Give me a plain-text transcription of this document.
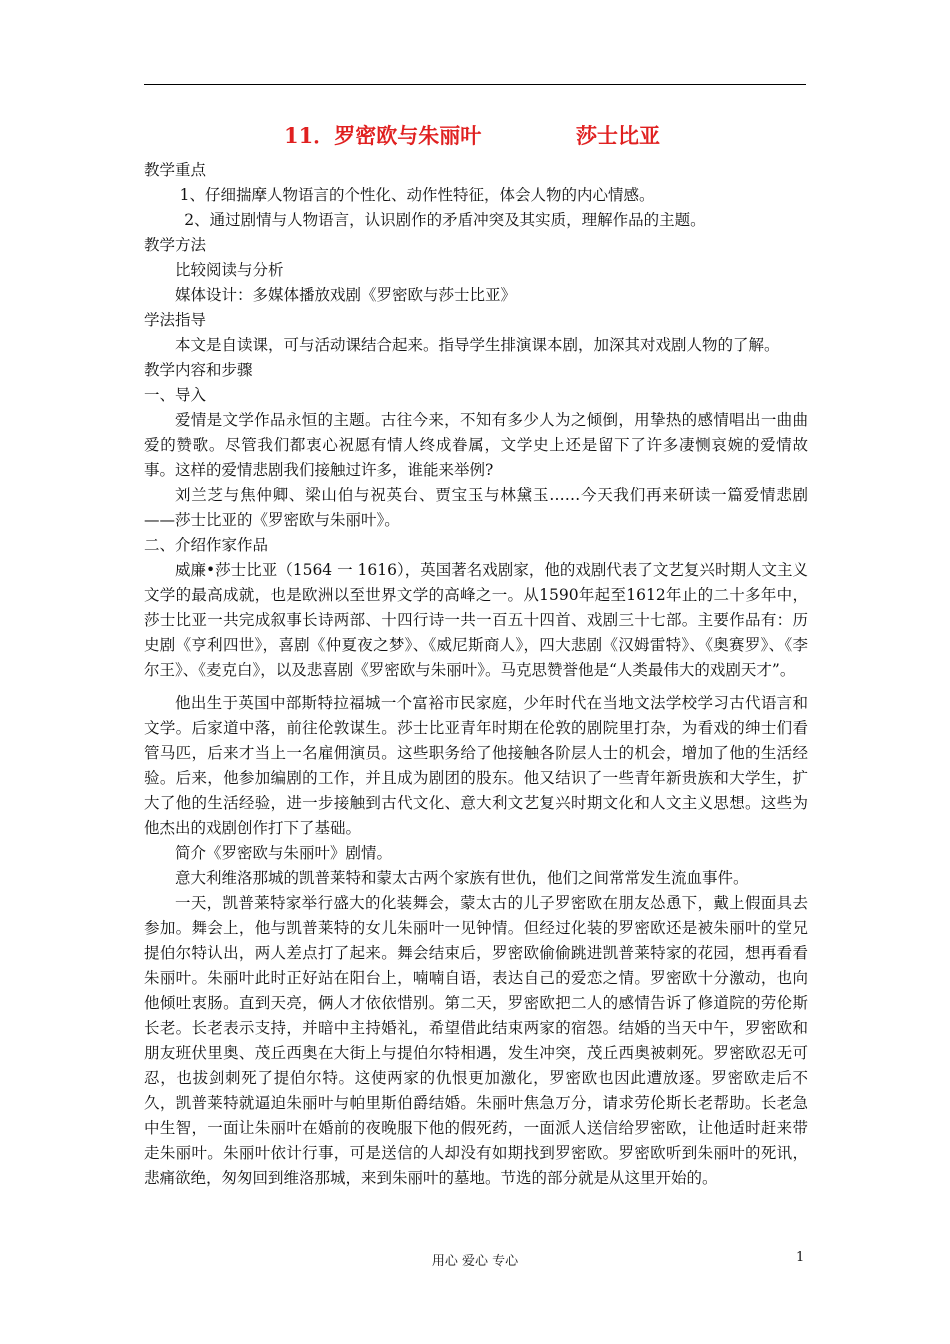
11．罗密欧与朱丽叶	莎士比亚

教学重点

1、仔细揣摩人物语言的个性化、动作性特征，体会人物的内心情感。

2、通过剧情与人物语言，认识剧作的矛盾冲突及其实质，理解作品的主题。

教学方法

比较阅读与分析

媒体设计：多媒体播放戏剧《罗密欧与莎士比亚》

学法指导

本文是自读课，可与活动课结合起来。指导学生排演课本剧，加深其对戏剧人物的了解。

教学内容和步骤

一、导入

爱情是文学作品永恒的主题。古往今来，不知有多少人为之倾倒，用挚热的感情唱出一曲曲爱的赞歌。尽管我们都衷心祝愿有情人终成眷属，文学史上还是留下了许多凄恻哀婉的爱情故事。这样的爱情悲剧我们接触过许多，谁能来举例?

刘兰芝与焦仲卿、梁山伯与祝英台、贾宝玉与林黛玉……今天我们再来研读一篇爱情悲剧——莎士比亚的《罗密欧与朱丽叶》。

二、介绍作家作品

威廉•莎士比亚（1564 一 1616），英国著名戏剧家，他的戏剧代表了文艺复兴时期人文主义文学的最高成就，也是欧洲以至世界文学的高峰之一。从1590年起至1612年止的二十多年中，莎士比亚一共完成叙事长诗两部、十四行诗一共一百五十四首、戏剧三十七部。主要作品有：历史剧《亨利四世》，喜剧《仲夏夜之梦》、《威尼斯商人》，四大悲剧《汉姆雷特》、《奥赛罗》、《李尔王》、《麦克白》，以及悲喜剧《罗密欧与朱丽叶》。马克思赞誉他是“人类最伟大的戏剧天才”。

他出生于英国中部斯特拉福城一个富裕市民家庭，少年时代在当地文法学校学习古代语言和文学。后家道中落，前往伦敦谋生。莎士比亚青年时期在伦敦的剧院里打杂，为看戏的绅士们看管马匹，后来才当上一名雇佣演员。这些职务给了他接触各阶层人士的机会，增加了他的生活经验。后来，他参加编剧的工作，并且成为剧团的股东。他又结识了一些青年新贵族和大学生，扩大了他的生活经验，进一步接触到古代文化、意大利文艺复兴时期文化和人文主义思想。这些为他杰出的戏剧创作打下了基础。

简介《罗密欧与朱丽叶》剧情。

意大利维洛那城的凯普莱特和蒙太古两个家族有世仇，他们之间常常发生流血事件。

一天，凯普莱特家举行盛大的化装舞会，蒙太古的儿子罗密欧在朋友怂恿下，戴上假面具去参加。舞会上，他与凯普莱特的女儿朱丽叶一见钟情。但经过化装的罗密欧还是被朱丽叶的堂兄提伯尔特认出，两人差点打了起来。舞会结束后，罗密欧偷偷跳进凯普莱特家的花园，想再看看朱丽叶。朱丽叶此时正好站在阳台上，喃喃自语，表达自己的爱恋之情。罗密欧十分激动，也向他倾吐衷肠。直到天亮，俩人才依依惜别。第二天，罗密欧把二人的感情告诉了修道院的劳伦斯长老。长老表示支持，并暗中主持婚礼，希望借此结束两家的宿怨。结婚的当天中午，罗密欧和朋友班伏里奥、茂丘西奥在大街上与提伯尔特相遇，发生冲突，茂丘西奥被刺死。罗密欧忍无可忍，也拔剑刺死了提伯尔特。这使两家的仇恨更加激化，罗密欧也因此遭放逐。罗密欧走后不久，凯普莱特就逼迫朱丽叶与帕里斯伯爵结婚。朱丽叶焦急万分，请求劳伦斯长老帮助。长老急中生智，一面让朱丽叶在婚前的夜晚服下他的假死药，一面派人送信给罗密欧，让他适时赶来带走朱丽叶。朱丽叶依计行事，可是送信的人却没有如期找到罗密欧。罗密欧听到朱丽叶的死讯，悲痛欲绝，匆匆回到维洛那城，来到朱丽叶的墓地。节选的部分就是从这里开始的。

用心 爱心 专心	1
